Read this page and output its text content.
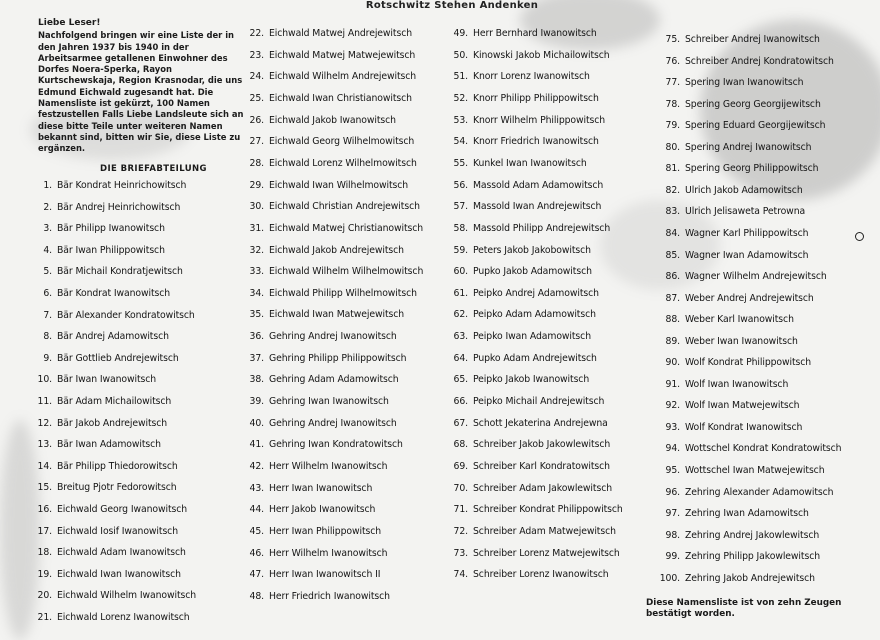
Rotschwitz Stehen Andenken
Liebe Leser!
Nachfolgend bringen wir eine Liste der in den Jahren 1937 bis 1940 in der Arbeitsarmee getallenen Einwohner des Dorfes Noera-Sperka, Rayon Kurtschewskaja, Region Krasnodar, die uns Edmund Eichwald zugesandt hat. Die Namensliste ist gekürzt, 100 Namen festzustellen Falls Liebe Landsleute sich an diese bitte Teile unter weiteren Namen bekannt sind, bitten wir Sie, diese Liste zu ergänzen.
DIE BRIEFABTEILUNG
1. Bär Kondrat Heinrichowitsch
2. Bär Andrej Heinrichowitsch
3. Bär Philipp Iwanowitsch
4. Bär Iwan Philippowitsch
5. Bär Michail Kondratjewitsch
6. Bär Kondrat Iwanowitsch
7. Bär Alexander Kondratowitsch
8. Bär Andrej Adamowitsch
9. Bär Gottlieb Andrejewitsch
10. Bär Iwan Iwanowitsch
11. Bär Adam Michailowitsch
12. Bär Jakob Andrejewitsch
13. Bär Iwan Adamowitsch
14. Bär Philipp Thiedorowitsch
15. Breitug Pjotr Fedorowitsch
16. Eichwald Georg Iwanowitsch
17. Eichwald Iosif Iwanowitsch
18. Eichwald Adam Iwanowitsch
19. Eichwald Iwan Iwanowitsch
20. Eichwald Wilhelm Iwanowitsch
21. Eichwald Lorenz Iwanowitsch
22. Eichwald Matwej Andrejewitsch
23. Eichwald Matwej Matwejewitsch
24. Eichwald Wilhelm Andrejewitsch
25. Eichwald Iwan Christianowitsch
26. Eichwald Jakob Iwanowitsch
27. Eichwald Georg Wilhelmowitsch
28. Eichwald Lorenz Wilhelmowitsch
29. Eichwald Iwan Wilhelmowitsch
30. Eichwald Christian Andrejewitsch
31. Eichwald Matwej Christianowitsch
32. Eichwald Jakob Andrejewitsch
33. Eichwald Wilhelm Wilhelmowitsch
34. Eichwald Philipp Wilhelmowitsch
35. Eichwald Iwan Matwejewitsch
36. Gehring Andrej Iwanowitsch
37. Gehring Philipp Philippowitsch
38. Gehring Adam Adamowitsch
39. Gehring Iwan Iwanowitsch
40. Gehring Andrej Iwanowitsch
41. Gehring Iwan Kondratowitsch
42. Herr Wilhelm Iwanowitsch
43. Herr Iwan Iwanowitsch
44. Herr Jakob Iwanowitsch
45. Herr Iwan Philippowitsch
46. Herr Wilhelm Iwanowitsch
47. Herr Iwan Iwanowitsch II
48. Herr Friedrich Iwanowitsch
49. Herr Bernhard Iwanowitsch
50. Kinowski Jakob Michailowitsch
51. Knorr Lorenz Iwanowitsch
52. Knorr Philipp Philippowitsch
53. Knorr Wilhelm Philippowitsch
54. Knorr Friedrich Iwanowitsch
55. Kunkel Iwan Iwanowitsch
56. Massold Adam Adamowitsch
57. Massold Iwan Andrejewitsch
58. Massold Philipp Andrejewitsch
59. Peters Jakob Jakobowitsch
60. Pupko Jakob Adamowitsch
61. Peipko Andrej Adamowitsch
62. Peipko Adam Adamowitsch
63. Peipko Iwan Adamowitsch
64. Pupko Adam Andrejewitsch
65. Peipko Jakob Iwanowitsch
66. Peipko Michail Andrejewitsch
67. Schott Jekaterina Andrejewna
68. Schreiber Jakob Jakowlewitsch
69. Schreiber Karl Kondratowitsch
70. Schreiber Adam Jakowlewitsch
71. Schreiber Kondrat Philippowitsch
72. Schreiber Adam Matwejewitsch
73. Schreiber Lorenz Matwejewitsch
74. Schreiber Lorenz Iwanowitsch
75. Schreiber Andrej Iwanowitsch
76. Schreiber Andrej Kondratowitsch
77. Spering Iwan Iwanowitsch
78. Spering Georg Georgijewitsch
79. Spering Eduard Georgijewitsch
80. Spering Andrej Iwanowitsch
81. Spering Georg Philippowitsch
82. Ulrich Jakob Adamowitsch
83. Ulrich Jelisaweta Petrowna
84. Wagner Karl Philippowitsch
85. Wagner Iwan Adamowitsch
86. Wagner Wilhelm Andrejewitsch
87. Weber Andrej Andrejewitsch
88. Weber Karl Iwanowitsch
89. Weber Iwan Iwanowitsch
90. Wolf Kondrat Philippowitsch
91. Wolf Iwan Iwanowitsch
92. Wolf Iwan Matwejewitsch
93. Wolf Kondrat Iwanowitsch
94. Wottschel Kondrat Kondratowitsch
95. Wottschel Iwan Matwejewitsch
96. Zehring Alexander Adamowitsch
97. Zehring Iwan Adamowitsch
98. Zehring Andrej Jakowlewitsch
99. Zehring Philipp Jakowlewitsch
100. Zehring Jakob Andrejewitsch
Diese Namensliste ist von zehn Zeugen bestätigt worden.
